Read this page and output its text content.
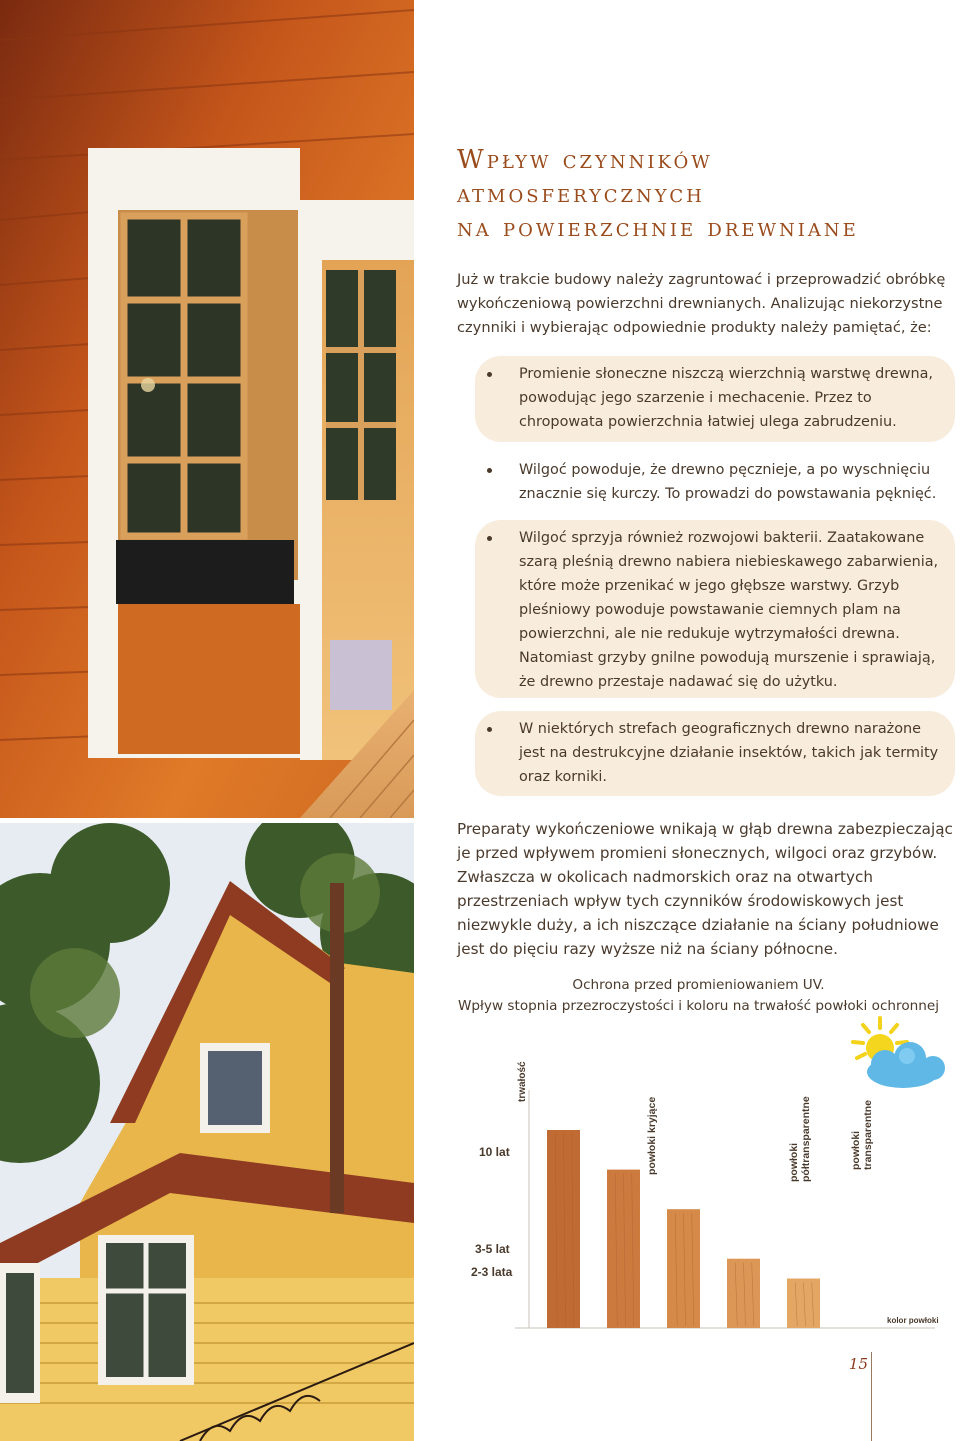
Wpływ czynników
atmosferycznych
na powierzchnie drewniane

Już w trakcie budowy należy zagruntować i przeprowadzić obróbkę wykończeniową powierzchni drewnianych. Analizując niekorzystne czynniki i wybierając odpowiednie produkty należy pamiętać, że:

Promienie słoneczne niszczą wierzchnią warstwę drewna, powodując jego szarzenie i mechacenie. Przez to chropowata powierzchnia łatwiej ulega zabrudzeniu.
Wilgoć powoduje, że drewno pęcznieje, a po wyschnięciu znacznie się kurczy. To prowadzi do powstawania pęknięć.
Wilgoć sprzyja również rozwojowi bakterii. Zaatakowane szarą pleśnią drewno nabiera niebieskawego zabarwienia, które może przenikać w jego głębsze warstwy. Grzyb pleśniowy powoduje powstawanie ciemnych plam na powierzchni, ale nie redukuje wytrzymałości drewna. Natomiast grzyby gnilne powodują murszenie i sprawiają, że drewno przestaje nadawać się do użytku.
W niektórych strefach geograficznych drewno narażone jest na destrukcyjne działanie insektów, takich jak termity oraz korniki.

Preparaty wykończeniowe wnikają w głąb drewna zabezpieczając je przed wpływem promieni słonecznych, wilgoci oraz grzybów. Zwłaszcza w okolicach nadmorskich oraz na otwartych przestrzeniach wpływ tych czynników środowiskowych jest niezwykle duży, a ich niszczące działanie na ściany południowe jest do pięciu razy wyższe niż na ściany północne.

Ochrona przed promieniowaniem UV.
Wpływ stopnia przezroczystości i koloru na trwałość powłoki ochronnej
trwałość
kolor powłoki
10 lat
3-5 lat
2-3 lata
powłoki kryjące	powłokipółtransparentne	powłokitransparentne
15
